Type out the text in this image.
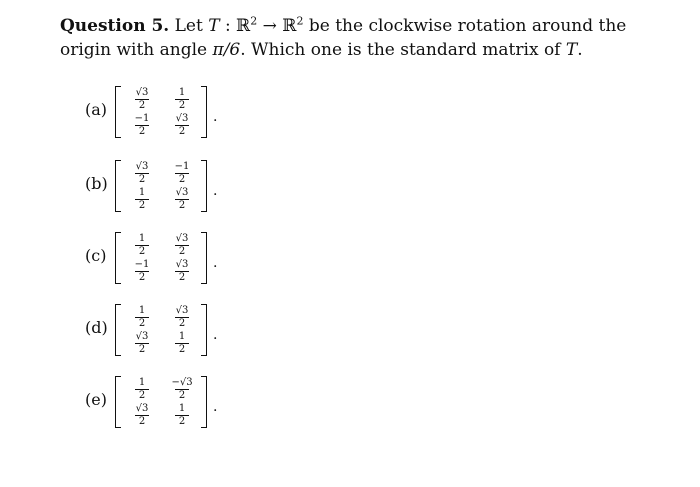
Question 5. Let T : ℝ$^2$ → ℝ$^2$ be the clockwise rotation around the origin with angle π/6. Which one is the standard matrix of T.
(a)
√3
2
1
2
−1
2
√3
2
.
(b)
√3
2
−1
2
1
2
√3
2
.
(c)
1
2
√3
2
−1
2
√3
2
.
(d)
1
2
√3
2
√3
2
1
2
.
(e)
1
2
−√3
2
√3
2
1
2
.
